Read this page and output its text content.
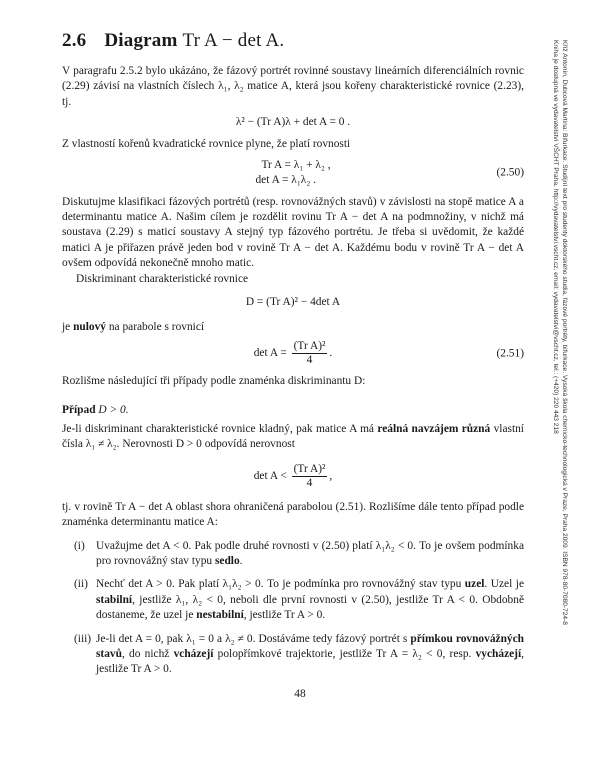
2.6 Diagram Tr A − det A.

V paragrafu 2.5.2 bylo ukázáno, že fázový portrét rovinné soustavy lineárních diferenciálních rovnic (2.29) závisí na vlastních číslech λ₁, λ₂ matice A, která jsou kořeny charakteristické rovnice (2.23), tj.

λ² − (Tr A)λ + det A = 0 .

Z vlastností kořenů kvadratické rovnice plyne, že platí rovnosti

Tr A = λ₁ + λ₂ ,
det A = λ₁λ₂ .
(2.50)

Diskutujme klasifikaci fázových portrétů (resp. rovnovážných stavů) v závislosti na stopě matice A a determinantu matice A. Našim cílem je rozdělit rovinu Tr A − det A na podmnožiny, v nichž má soustava (2.29) s maticí soustavy A stejný typ fázového portrétu. Je třeba si uvědomit, že každé matici A je přiřazen právě jeden bod v rovině Tr A − det A. Každému bodu v rovině Tr A − det A ovšem odpovídá nekonečně mnoho matic.

Diskriminant charakteristické rovnice

D = (Tr A)² − 4det A

je nulový na parabole s rovnicí

$\det A = \frac{\text{(Tr A)²}}{4}$ .	(2.51)

Rozlišme následující tři případy podle znaménka diskriminantu D:

Případ D > 0.

Je-li diskriminant charakteristické rovnice kladný, pak matice A má reálná navzájem různá vlastní čísla λ₁ ≠ λ₂. Nerovnosti D > 0 odpovídá nerovnost

$\det A < \frac{\text{(Tr A)²}}{4}$ ,

tj. v rovině Tr A − det A oblast shora ohraničená parabolou (2.51). Rozlišíme dále tento případ podle znaménka determinantu matice A:

(i) Uvažujme det A < 0. Pak podle druhé rovnosti v (2.50) platí λ₁λ₂ < 0. To je ovšem podmínka pro rovnovážný stav typu sedlo.
(ii) Nechť det A > 0. Pak platí λ₁λ₂ > 0. To je podmínka pro rovnovážný stav typu uzel. Uzel je stabilní, jestliže λ₁, λ₂ < 0, neboli dle první rovnosti v (2.50), jestliže Tr A < 0. Obdobně dostaneme, že uzel je nestabilní, jestliže Tr A > 0.
(iii) Je-li det A = 0, pak λ₁ = 0 a λ₂ ≠ 0. Dostáváme tedy fázový portrét s přímkou rovnovážných stavů, do nichž vcházejí polopřímkové trajektorie, jestliže Tr A = λ₂ < 0, resp. vycházejí, jestliže Tr A > 0.
48
Kříž Antonín, Dubcová Martina: Bifurkace. Studijní text pro studenty doktorského studia, fázové portréty, bifurkace. Vysoká škola chemicko-technologická v Praze, Praha 2009. ISBN 978-80-7080-724-8
Kniha je dostupná ve vydavatelství VŠCHT Praha, http://vydavatelstvi.vscht.cz, email: vydavatelstvi@vscht.cz, tel.: (+420) 220 443 218
